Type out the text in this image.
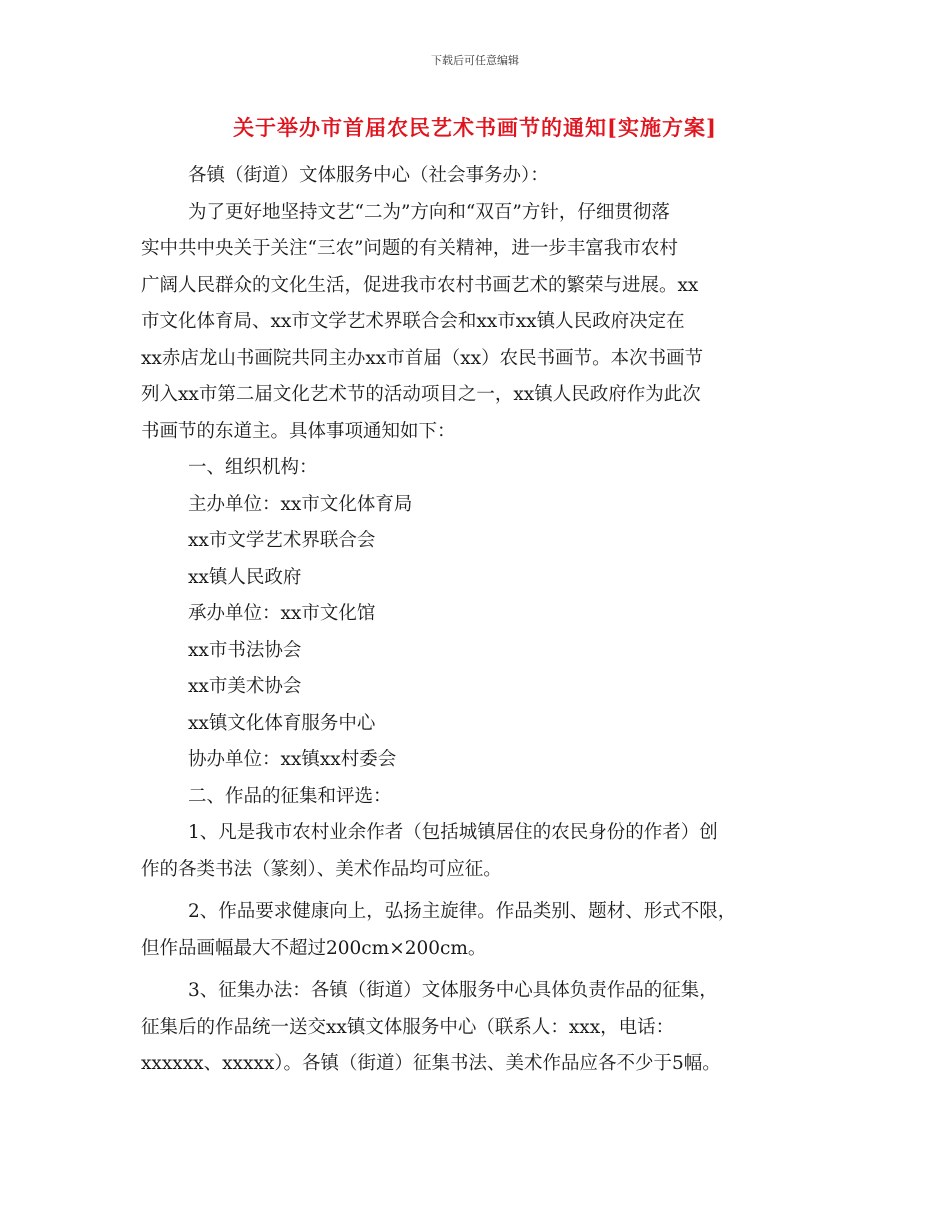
下载后可任意编辑
关于举办市首届农民艺术书画节的通知[实施方案]
各镇（街道）文体服务中心（社会事务办）：
为了更好地坚持文艺“二为”方向和“双百”方针，仔细贯彻落
实中共中央关于关注“三农”问题的有关精神，进一步丰富我市农村
广阔人民群众的文化生活，促进我市农村书画艺术的繁荣与进展。xx
市文化体育局、xx市文学艺术界联合会和xx市xx镇人民政府决定在
xx赤店龙山书画院共同主办xx市首届（xx）农民书画节。本次书画节
列入xx市第二届文化艺术节的活动项目之一，xx镇人民政府作为此次
书画节的东道主。具体事项通知如下：
一、组织机构：
主办单位：xx市文化体育局
xx市文学艺术界联合会
xx镇人民政府
承办单位：xx市文化馆
xx市书法协会
xx市美术协会
xx镇文化体育服务中心
协办单位：xx镇xx村委会
二、作品的征集和评选：
1、凡是我市农村业余作者（包括城镇居住的农民身份的作者）创
作的各类书法（篆刻）、美术作品均可应征。
2、作品要求健康向上，弘扬主旋律。作品类别、题材、形式不限，
但作品画幅最大不超过200cm×200cm。
3、征集办法：各镇（街道）文体服务中心具体负责作品的征集，
征集后的作品统一送交xx镇文体服务中心（联系人：xxx，电话：
xxxxxx、xxxxx）。各镇（街道）征集书法、美术作品应各不少于5幅。
